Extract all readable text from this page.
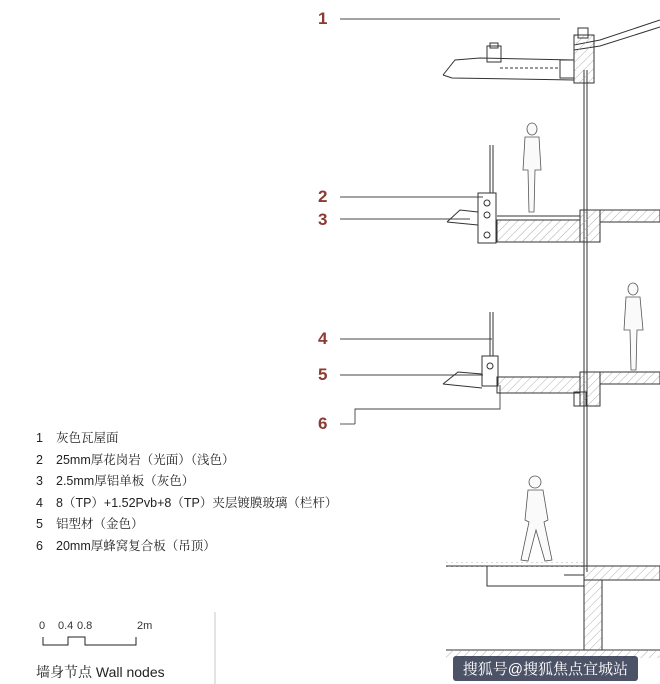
1
2
3
4
5
6
1 灰色瓦屋面
2 25mm厚花岗岩（光面）（浅色）
3 2.5mm厚铝单板（灰色）
4 8（TP）+1.52Pvb+8（TP）夹层镀膜玻璃（栏杆）
5 铝型材（金色）
6 20mm厚蜂窝复合板（吊顶）
0 0.4 0.8	2m
墙身节点 Wall nodes	搜狐号@搜狐焦点宜城站
